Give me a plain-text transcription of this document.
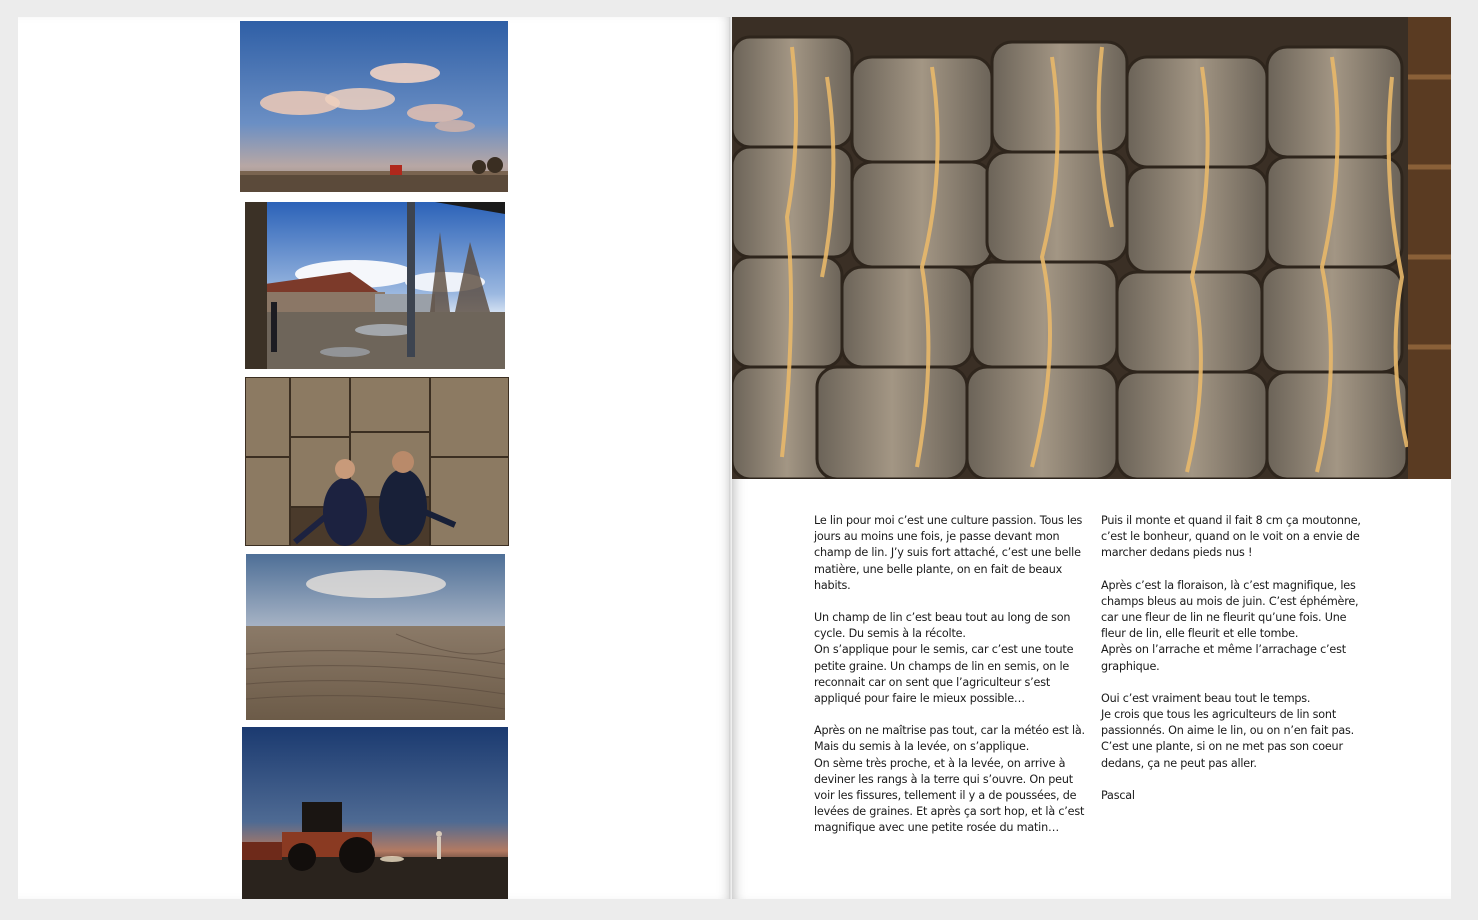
Le lin pour moi c’est une culture passion. Tous les jours au moins une fois, je passe devant mon champ de lin. J’y suis fort attaché, c’est une belle matière, une belle plante, on en fait de beaux habits.

Un champ de lin c’est beau tout au long de son cycle. Du semis à la récolte.
On s’applique pour le semis, car c’est une toute petite graine. Un champs de lin en semis, on le reconnait car on sent que l’agriculteur s’est appliqué pour faire le mieux possible…

Après on ne maîtrise pas tout, car la météo est là. Mais du semis à la levée, on s’applique.
On sème très proche, et à la levée, on arrive à deviner les rangs à la terre qui s’ouvre. On peut voir les fissures, tellement il y a de poussées, de levées de graines. Et après ça sort hop, et là c’est magnifique avec une petite rosée du matin…

Puis il monte et quand il fait 8 cm ça moutonne, c’est le bonheur, quand on le voit on a envie de marcher dedans pieds nus !

Après c’est la floraison, là c’est magnifique, les champs bleus au mois de juin. C’est éphémère, car une fleur de lin ne fleurit qu’une fois. Une fleur de lin, elle fleurit et elle tombe.
Après on l’arrache et même l’arrachage c’est graphique.

Oui c’est vraiment beau tout le temps.
Je crois que tous les agriculteurs de lin sont passionnés. On aime le lin, ou on n’en fait pas. C’est une plante, si on ne met pas son coeur dedans, ça ne peut pas aller.

Pascal
